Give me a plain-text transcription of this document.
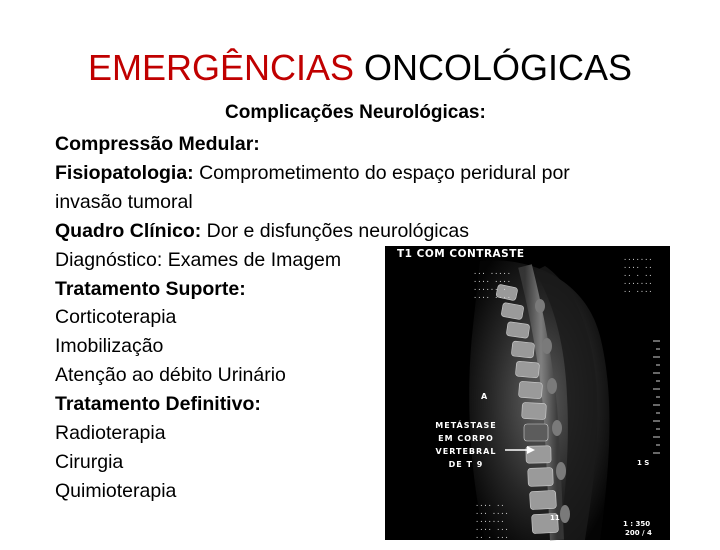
EMERGÊNCIAS ONCOLÓGICAS
Complicações Neurológicas:
Compressão Medular:
Fisiopatologia: Comprometimento do espaço peridural por
invasão tumoral
Quadro Clínico: Dor e disfunções neurológicas
Diagnóstico: Exames de Imagem
Tratamento Suporte:
Corticoterapia
Imobilização
Atenção ao débito Urinário
Tratamento Definitivo:
Radioterapia
Cirurgia
Quimioterapia
T1 COM CONTRASTE

··· ·····
···· ····
······ ·
···· ····

·······
···· ··
·· · ··
·······
·· ····

A
METÁSTASE
EM CORPO
VERTEBRAL
DE T 9	1 S

···· ··
··· ····
·······
···· ···
·· · ···

11
1 : 350
200 / 4
